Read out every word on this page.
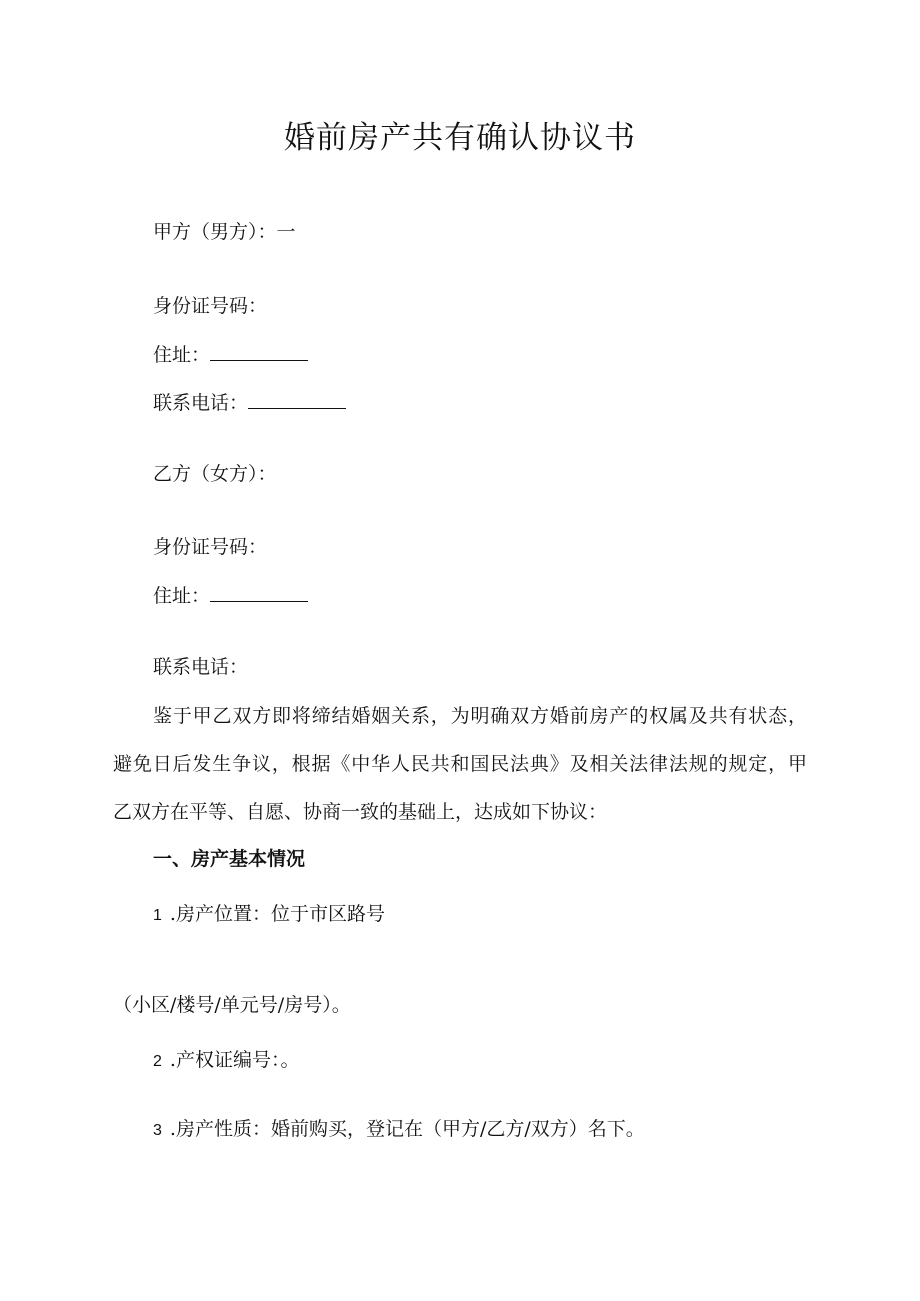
婚前房产共有确认协议书
甲方（男方）：一
身份证号码：
住址：
联系电话：
乙方（女方）：
身份证号码：
住址：
联系电话：
鉴于甲乙双方即将缔结婚姻关系，为明确双方婚前房产的权属及共有状态，
避免日后发生争议，根据《中华人民共和国民法典》及相关法律法规的规定，甲
乙双方在平等、自愿、协商一致的基础上，达成如下协议：
一、房产基本情况
1 .房产位置：位于市区路号
（小区/楼号/单元号/房号）。
2 .产权证编号：。
3 .房产性质：婚前购买，登记在（甲方/乙方/双方）名下。
